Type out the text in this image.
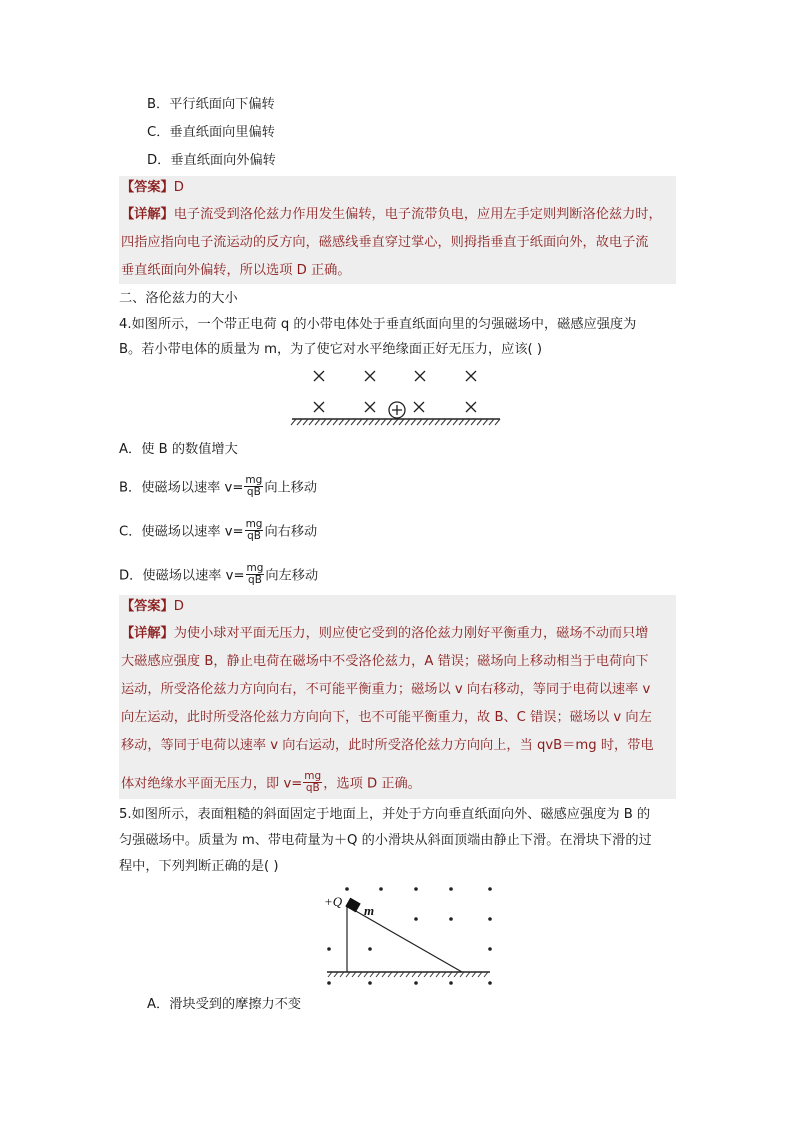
B．平行纸面向下偏转
C．垂直纸面向里偏转
D．垂直纸面向外偏转
【答案】D
【详解】电子流受到洛伦兹力作用发生偏转，电子流带负电，应用左手定则判断洛伦兹力时，
四指应指向电子流运动的反方向，磁感线垂直穿过掌心，则拇指垂直于纸面向外，故电子流
垂直纸面向外偏转，所以选项 D 正确。
二、洛伦兹力的大小
4.如图所示，一个带正电荷 q 的小带电体处于垂直纸面向里的匀强磁场中，磁感应强度为
B。若小带电体的质量为 m，为了使它对水平绝缘面正好无压力，应该( )
A．使 B 的数值增大
B．使磁场以速率 $v= \frac{mg}{qB}$ 向上移动
C．使磁场以速率 $v= \frac{mg}{qB}$ 向右移动
D．使磁场以速率 $v= \frac{mg}{qB}$ 向左移动
【答案】D
【详解】为使小球对平面无压力，则应使它受到的洛伦兹力刚好平衡重力，磁场不动而只增
大磁感应强度 B，静止电荷在磁场中不受洛伦兹力，A 错误；磁场向上移动相当于电荷向下
运动，所受洛伦兹力方向向右，不可能平衡重力；磁场以 v 向右移动，等同于电荷以速率 v
向左运动，此时所受洛伦兹力方向向下，也不可能平衡重力，故 B、C 错误；磁场以 v 向左
移动，等同于电荷以速率 v 向右运动，此时所受洛伦兹力方向向上，当 qvB＝mg 时，带电
体对绝缘水平面无压力，即 $v= \frac{mg}{qB}$ ，选项 D 正确。
5.如图所示，表面粗糙的斜面固定于地面上，并处于方向垂直纸面向外、磁感应强度为 B 的
匀强磁场中。质量为 m、带电荷量为＋Q 的小滑块从斜面顶端由静止下滑。在滑块下滑的过
程中，下列判断正确的是( )
+Q
m
A．滑块受到的摩擦力不变
